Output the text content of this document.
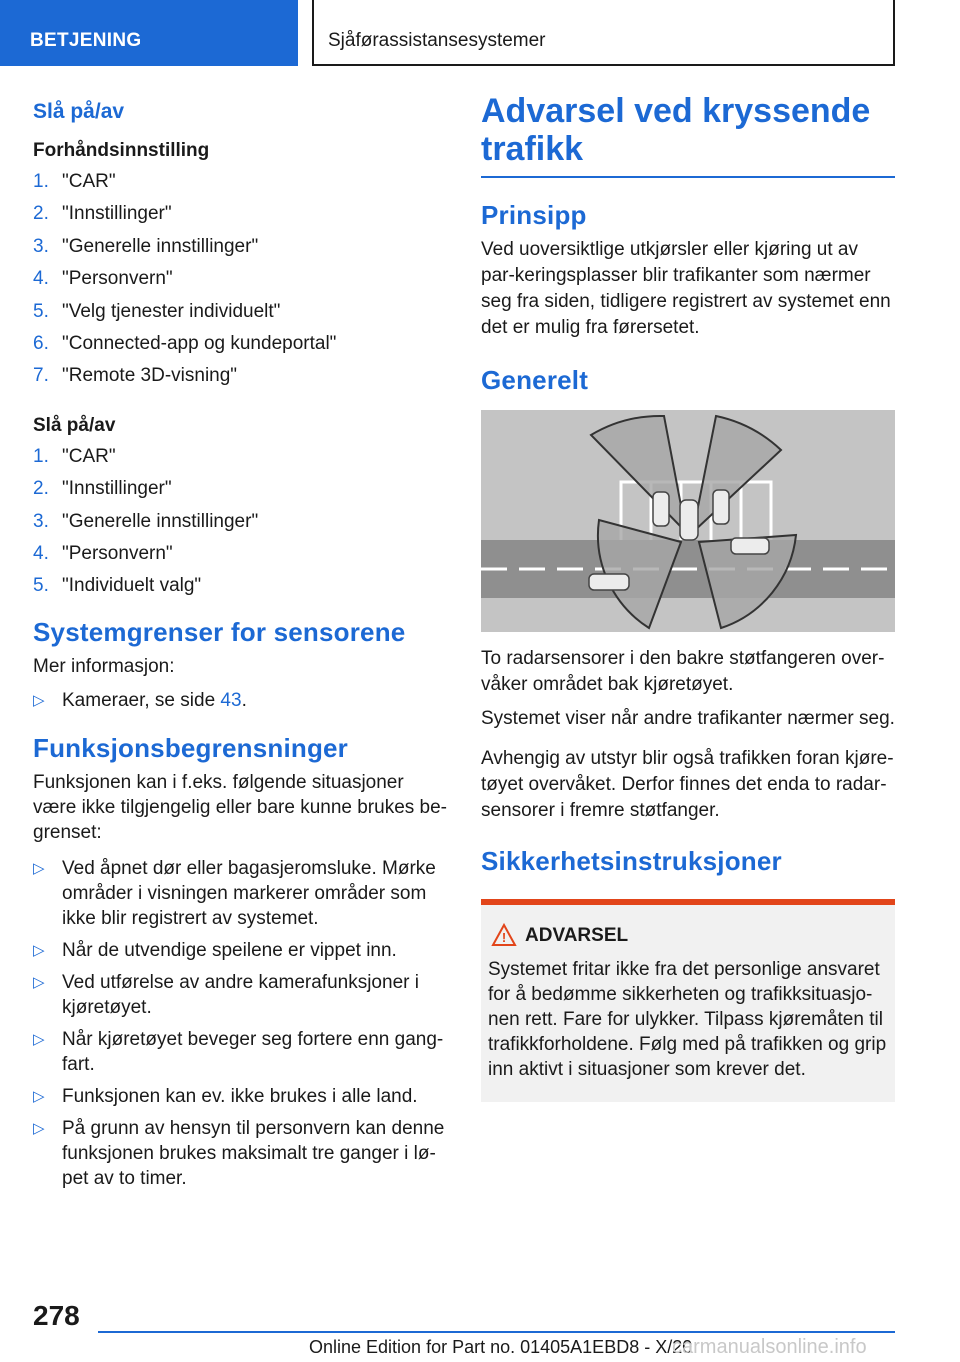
BETJENING	Sjåførassistansesystemer
Slå på/av
Forhåndsinnstilling
1. "CAR"
2. "Innstillinger"
3. "Generelle innstillinger"
4. "Personvern"
5. "Velg tjenester individuelt"
6. "Connected-app og kundeportal"
7. "Remote 3D-visning"
Slå på/av
1. "CAR"
2. "Innstillinger"
3. "Generelle innstillinger"
4. "Personvern"
5. "Individuelt valg"
Systemgrenser for sensorene

Mer informasjon:

▷ Kameraer, se side 43.
Funksjonsbegrensninger

Funksjonen kan i f.eks. følgende situasjoner være ikke tilgjengelig eller bare kunne brukes be‐grenset:

▷ Ved åpnet dør eller bagasjeromsluke. Mørke områder i visningen markerer områder som ikke blir registrert av systemet.
▷ Når de utvendige speilene er vippet inn.
▷ Ved utførelse av andre kamerafunksjoner i kjøretøyet.
▷ Når kjøretøyet beveger seg fortere enn gang‐fart.
▷ Funksjonen kan ev. ikke brukes i alle land.
▷ På grunn av hensyn til personvern kan denne funksjonen brukes maksimalt tre ganger i lø‐pet av to timer.
Advarsel ved kryssende trafikk
Prinsipp

Ved uoversiktlige utkjørsler eller kjøring ut av par‐keringsplasser blir trafikanter som nærmer seg fra siden, tidligere registrert av systemet enn det er mulig fra førersetet.

Generelt

To radarsensorer i den bakre støtfangeren over‐våker området bak kjøretøyet.

Systemet viser når andre trafikanter nærmer seg.

Avhengig av utstyr blir også trafikken foran kjøre‐tøyet overvåket. Derfor finnes det enda to radar‐sensorer i fremre støtfanger.

Sikkerhetsinstruksjoner
! ADVARSEL

Systemet fritar ikke fra det personlige ansvaret for å bedømme sikkerheten og trafikksituasjo‐nen rett. Fare for ulykker. Tilpass kjøremåten til trafikkforholdene. Følg med på trafikken og grip inn aktivt i situasjoner som krever det.

278
Online Edition for Part no. 01405A1EBD8 - X/20
carmanualsonline.info
